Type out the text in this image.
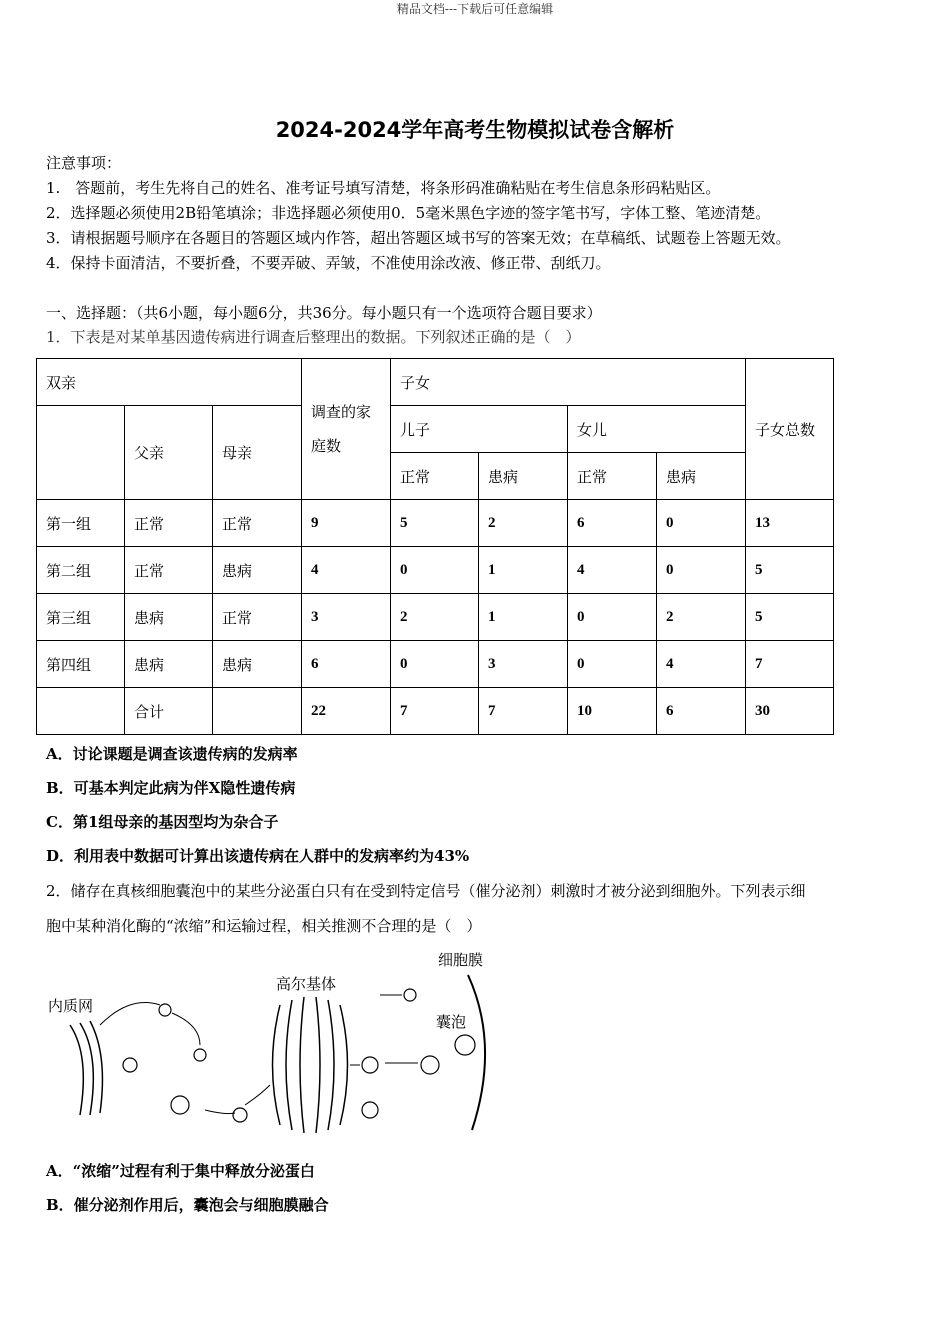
精品文档---下载后可任意编辑
2024-2024学年高考生物模拟试卷含解析
注意事项：
1.　答题前，考生先将自己的姓名、准考证号填写清楚，将条形码准确粘贴在考生信息条形码粘贴区。
2．选择题必须使用2B铅笔填涂；非选择题必须使用0．5毫米黑色字迹的签字笔书写，字体工整、笔迹清楚。
3．请根据题号顺序在各题目的答题区域内作答，超出答题区域书写的答案无效；在草稿纸、试题卷上答题无效。
4．保持卡面清洁，不要折叠，不要弄破、弄皱，不准使用涂改液、修正带、刮纸刀。
一、选择题：（共6小题，每小题6分，共36分。每小题只有一个选项符合题目要求）
1．下表是对某单基因遗传病进行调查后整理出的数据。下列叙述正确的是（　）
双亲			调查的家庭数	子女				子女总数
	父亲	母亲		儿子		女儿		
				正常	患病	正常	患病	
第一组	正常	正常	9	5	2	6	0	13
第二组	正常	患病	4	0	1	4	0	5
第三组	患病	正常	3	2	1	0	2	5
第四组	患病	患病	6	0	3	0	4	7
	合计		22	7	7	10	6	30
A．讨论课题是调查该遗传病的发病率
B．可基本判定此病为伴X隐性遗传病
C．第1组母亲的基因型均为杂合子
D．利用表中数据可计算出该遗传病在人群中的发病率约为43%
2．储存在真核细胞囊泡中的某些分泌蛋白只有在受到特定信号（催分泌剂）刺激时才被分泌到细胞外。下列表示细
胞中某种消化酶的“浓缩”和运输过程，相关推测不合理的是（　）
细胞膜
高尔基体
内质网
囊泡
A．“浓缩”过程有利于集中释放分泌蛋白
B．催分泌剂作用后，囊泡会与细胞膜融合
